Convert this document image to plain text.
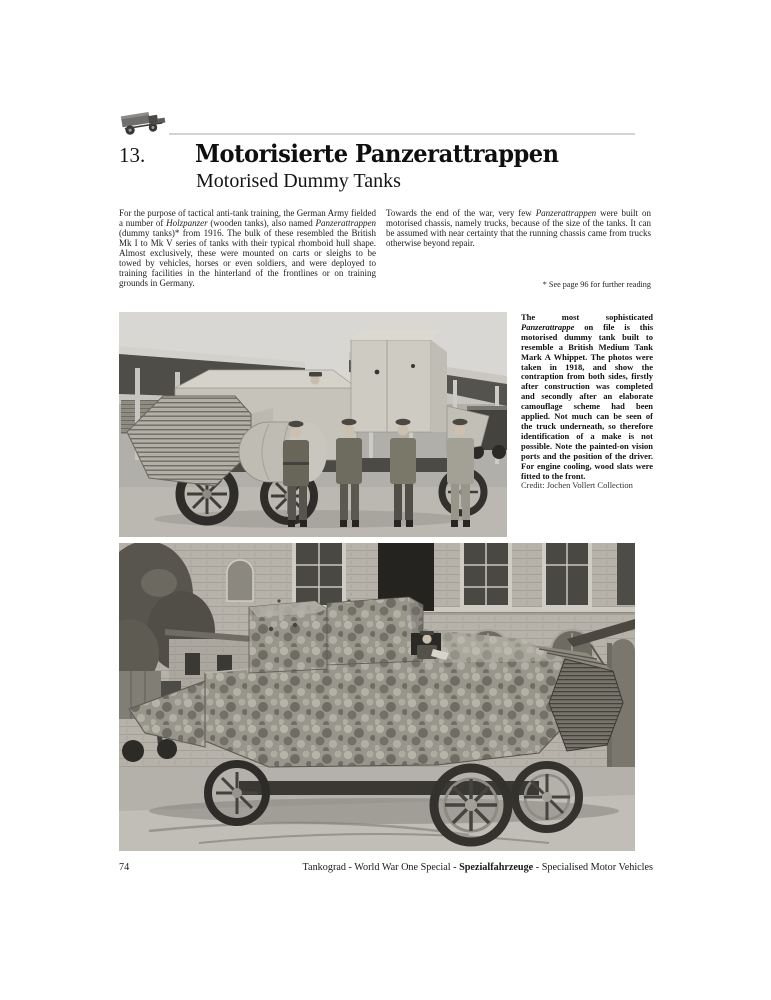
13. Motorisierte Panzerattrappen
Motorised Dummy Tanks
For the purpose of tactical anti-tank training, the German Army fielded a number of Holzpanzer (wooden tanks), also named Panzerattrappen (dummy tanks)* from 1916. The bulk of these resembled the British Mk I to Mk V series of tanks with their typical rhomboid hull shape. Almost exclusively, these were mounted on carts or sleighs to be towed by vehicles, horses or even soldiers, and were deployed to training facilities in the hinterland of the frontlines or on training grounds in Germany.
Towards the end of the war, very few Panzerattrappen were built on motorised chassis, namely trucks, because of the size of the tanks. It can be assumed with near certainty that the running chassis came from trucks otherwise beyond repair.
* See page 96 for further reading
The most sophisticated Panzerattrappe on file is this motorised dummy tank built to resemble a British Medium Tank Mark A Whippet. The photos were taken in 1918, and show the contraption from both sides, firstly after construction was completed and secondly after an elaborate camouflage scheme had been applied. Not much can be seen of the truck underneath, so therefore identification of a make is not possible. Note the painted-on vision ports and the position of the driver. For engine cooling, wood slats were fitted to the front.
Credit: Jochen Vollert Collection
74	Tankograd - World War One Special - Spezialfahrzeuge - Specialised Motor Vehicles
